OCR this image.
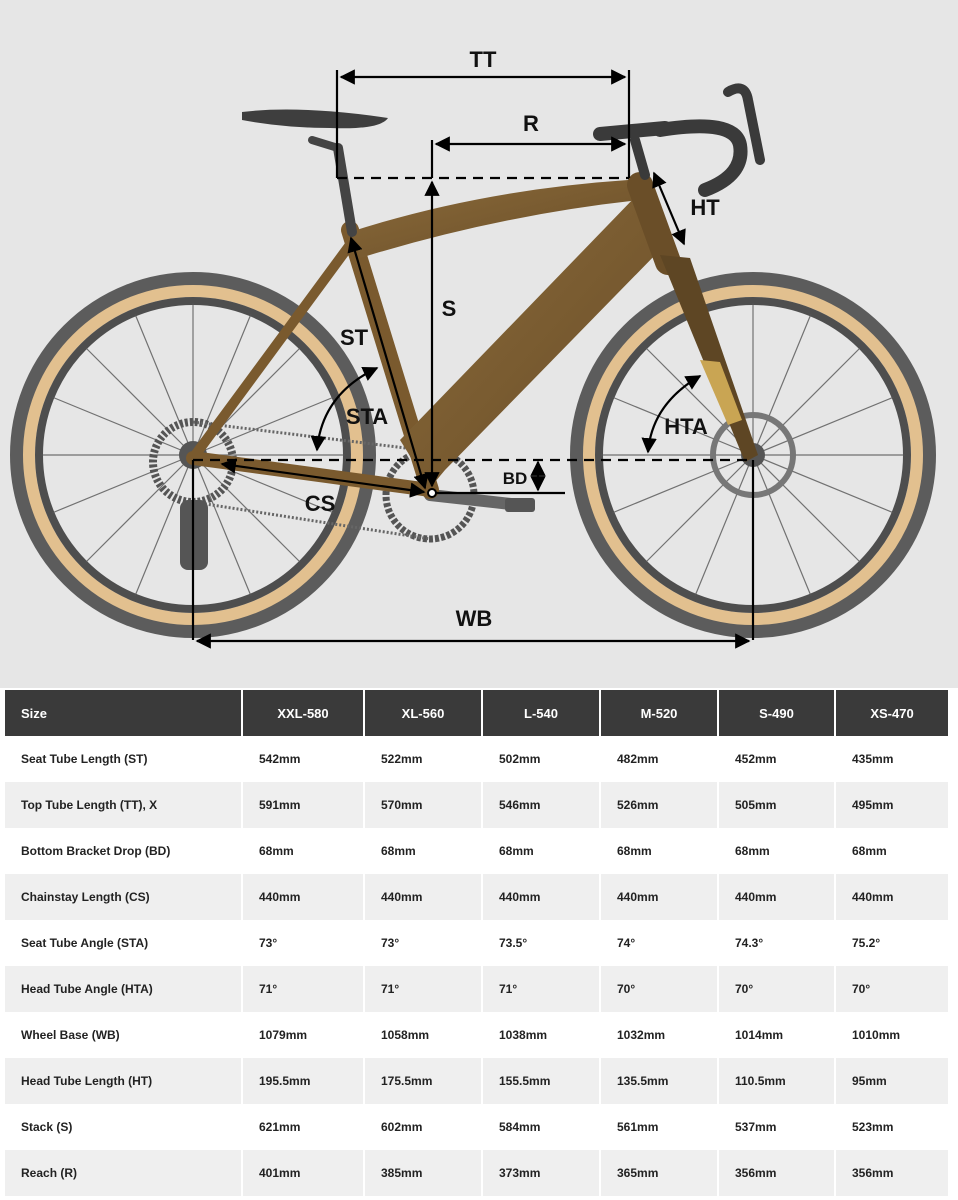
TT
R
HT
S
ST
STA	HTA
BD
CS
WB
Size	XXL-580	XL-560	L-540	M-520	S-490	XS-470
Seat Tube Length (ST)	542mm	522mm	502mm	482mm	452mm	435mm
Top Tube Length (TT), X	591mm	570mm	546mm	526mm	505mm	495mm
Bottom Bracket Drop (BD)	68mm	68mm	68mm	68mm	68mm	68mm
Chainstay Length (CS)	440mm	440mm	440mm	440mm	440mm	440mm
Seat Tube Angle (STA)	73°	73°	73.5°	74°	74.3°	75.2°
Head Tube Angle (HTA)	71°	71°	71°	70°	70°	70°
Wheel Base (WB)	1079mm	1058mm	1038mm	1032mm	1014mm	1010mm
Head Tube Length (HT)	195.5mm	175.5mm	155.5mm	135.5mm	110.5mm	95mm
Stack (S)	621mm	602mm	584mm	561mm	537mm	523mm
Reach (R)	401mm	385mm	373mm	365mm	356mm	356mm
